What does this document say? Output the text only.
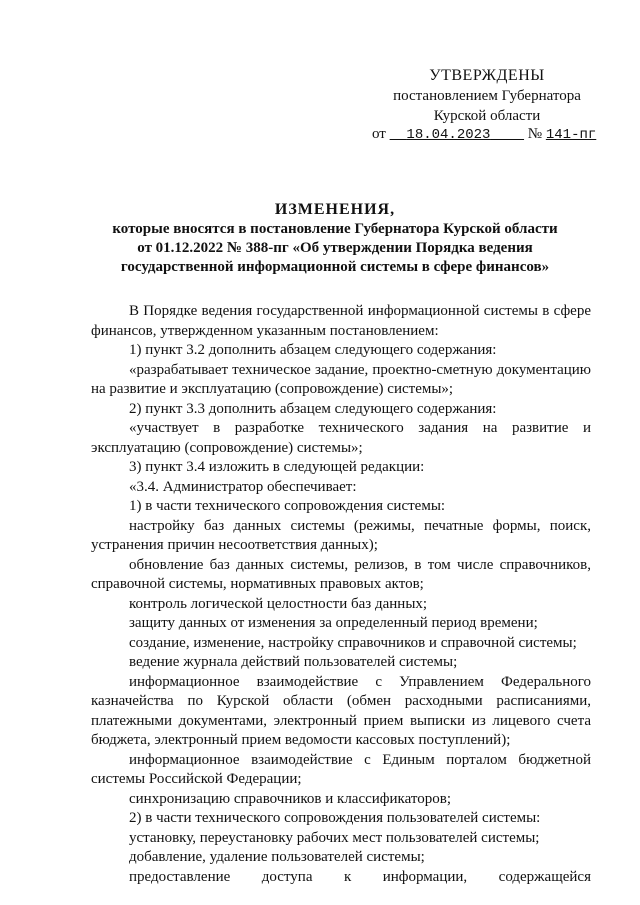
УТВЕРЖДЕНЫ
постановлением Губернатора
Курской области
от 18.04.2023 № 141-пг
ИЗМЕНЕНИЯ,
которые вносятся в постановление Губернатора Курской области
от 01.12.2022 № 388-пг «Об утверждении Порядка ведения
государственной информационной системы в сфере финансов»

В Порядке ведения государственной информационной системы в сфере финансов, утвержденном указанным постановлением:

1) пункт 3.2 дополнить абзацем следующего содержания:

«разрабатывает техническое задание, проектно-сметную документацию на развитие и эксплуатацию (сопровождение) системы»;

2) пункт 3.3 дополнить абзацем следующего содержания:

«участвует в разработке технического задания на развитие и эксплуатацию (сопровождение) системы»;

3) пункт 3.4 изложить в следующей редакции:

«3.4. Администратор обеспечивает:

1) в части технического сопровождения системы:

настройку баз данных системы (режимы, печатные формы, поиск, устранения причин несоответствия данных);

обновление баз данных системы, релизов, в том числе справочников, справочной системы, нормативных правовых актов;

контроль логической целостности баз данных;

защиту данных от изменения за определенный период времени;

создание, изменение, настройку справочников и справочной системы;

ведение журнала действий пользователей системы;

информационное взаимодействие с Управлением Федерального казначейства по Курской области (обмен расходными расписаниями, платежными документами, электронный прием выписки из лицевого счета бюджета, электронный прием ведомости кассовых поступлений);

информационное взаимодействие с Единым порталом бюджетной системы Российской Федерации;

синхронизацию справочников и классификаторов;

2) в части технического сопровождения пользователей системы:

установку, переустановку рабочих мест пользователей системы;

добавление, удаление пользователей системы;

предоставление доступа к информации, содержащейся
